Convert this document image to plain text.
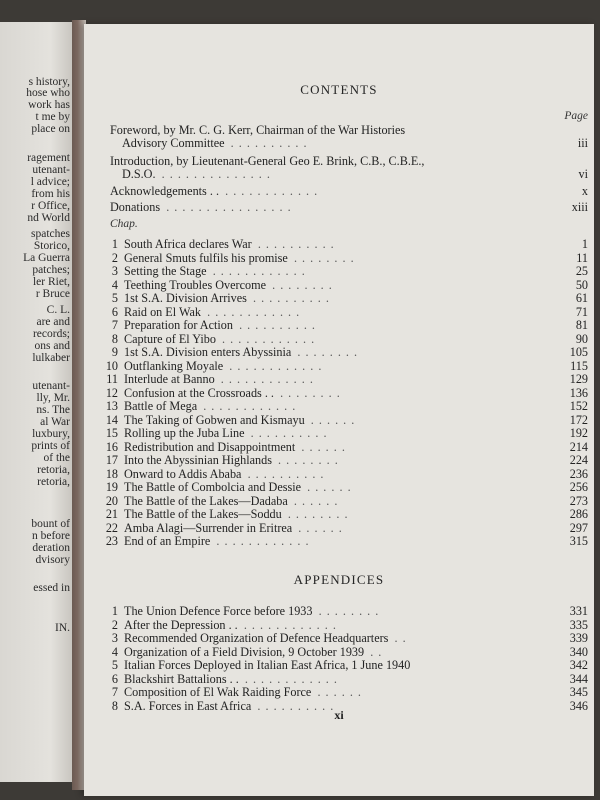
s history,
hose who
work has
t me by
place on
ragement
utenant-
l advice;
from his
r Office,
nd World
spatches
Storico,
La Guerra
patches;
ler Riet,
r Bruce
C. L.
are and
records;
ons and
lulkaber
utenant-
lly, Mr.
ns. The
al War
luxbury,
prints of
of the
retoria,
retoria,
bount of
n before
deration
dvisory
essed in
IN.
CONTENTS
Page
Foreword, by Mr. C. G. Kerr, Chairman of the War Histories
Advisory Committee . . . . . . . . . .	iii
Introduction, by Lieutenant-General Geo E. Brink, C.B., C.B.E.,
D.S.O. . . . . . . . . . . . . . .	vi
Acknowledgements . . . . . . . . . . . . . .	x
Donations . . . . . . . . . . . . . . . .	xiii
Chap.
1 South Africa declares War . . . . . . . . . .	1
2 General Smuts fulfils his promise . . . . . . . .	11
3 Setting the Stage . . . . . . . . . . . .	25
4 Teething Troubles Overcome . . . . . . . .	50
5 1st S.A. Division Arrives . . . . . . . . . .	61
6 Raid on El Wak . . . . . . . . . . . .	71
7 Preparation for Action . . . . . . . . . .	81
8 Capture of El Yibo . . . . . . . . . . . .	90
9 1st S.A. Division enters Abyssinia . . . . . . . .	105
10 Outflanking Moyale . . . . . . . . . . . .	115
11 Interlude at Banno . . . . . . . . . . . .	129
12 Confusion at the Crossroads . . . . . . . . . .	136
13 Battle of Mega . . . . . . . . . . . .	152
14 The Taking of Gobwen and Kismayu . . . . . .	172
15 Rolling up the Juba Line . . . . . . . . . .	192
16 Redistribution and Disappointment . . . . . .	214
17 Into the Abyssinian Highlands . . . . . . . .	224
18 Onward to Addis Ababa . . . . . . . . . .	236
19 The Battle of Combolcia and Dessie . . . . . .	256
20 The Battle of the Lakes—Dadaba . . . . . .	273
21 The Battle of the Lakes—Soddu . . . . . . . .	286
22 Amba Alagi—Surrender in Eritrea . . . . . .	297
23 End of an Empire . . . . . . . . . . . .	315
APPENDICES
1 The Union Defence Force before 1933 . . . . . . . .	331
2 After the Depression . . . . . . . . . . . . . .	335
3 Recommended Organization of Defence Headquarters . .	339
4 Organization of a Field Division, 9 October 1939 . .	340
5 Italian Forces Deployed in Italian East Africa, 1 June 1940	342
6 Blackshirt Battalions . . . . . . . . . . . . . .	344
7 Composition of El Wak Raiding Force . . . . . .	345
8 S.A. Forces in East Africa . . . . . . . . . .	346
xi
